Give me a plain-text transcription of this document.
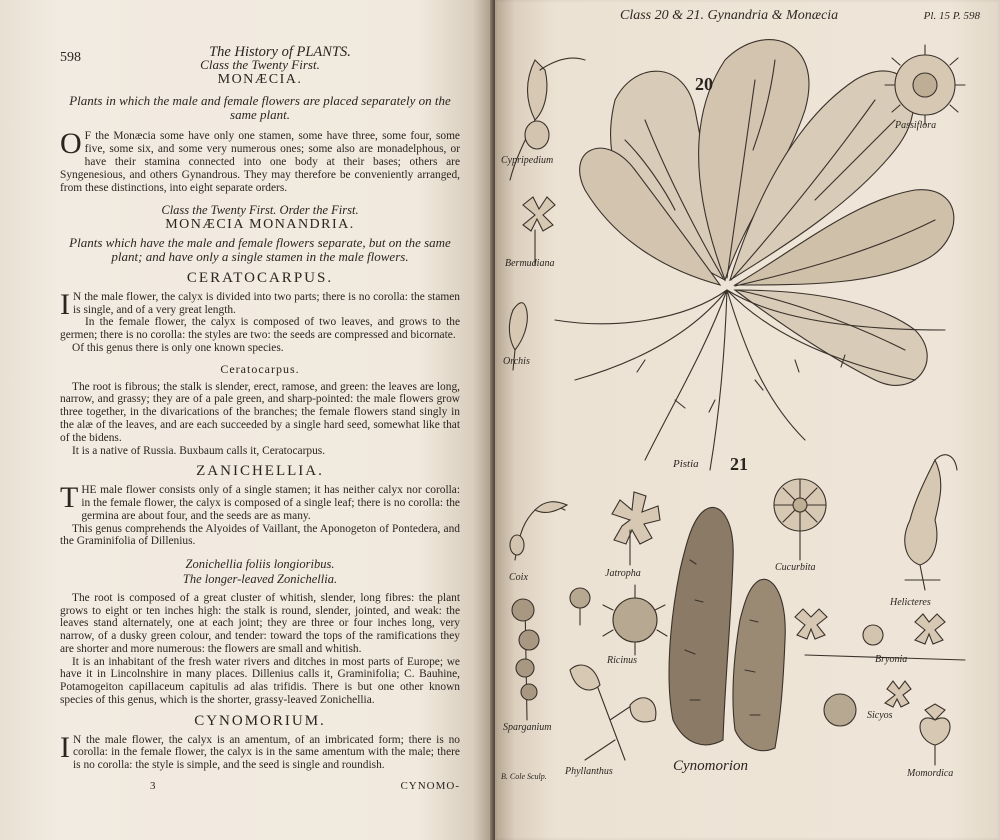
598	The History of PLANTS.
Class the Twenty First.
MONÆCIA.
Plants in which the male and female flowers are placed separately on the same plant.

O F the Monæcia some have only one stamen, some have three, some four, some five, some six, and some very numerous ones; some also are monadelphous, or have their stamina connected into one body at their bases; others are Syngenesious, and others Gynandrous. They may therefore be conveniently arranged, from these distinctions, into eight separate orders.

Class the Twenty First. Order the First.
MONÆCIA MONANDRIA.
Plants which have the male and female flowers separate, but on the same plant; and have only a single stamen in the male flowers.
CERATOCARPUS.

I N the male flower, the calyx is divided into two parts; there is no corolla: the stamen is single, and of a very great length.

In the female flower, the calyx is composed of two leaves, and grows to the germen; there is no corolla: the styles are two: the seeds are compressed and bicornate.

Of this genus there is only one known species.

Ceratocarpus.

The root is fibrous; the stalk is slender, erect, ramose, and green: the leaves are long, narrow, and grassy; they are of a pale green, and sharp-pointed: the male flowers grow three together, in the divarications of the branches; the female flowers stand singly in the alæ of the leaves, and are each succeeded by a single hard seed, somewhat like that of the bidens.

It is a native of Russia. Buxbaum calls it, Ceratocarpus.

ZANICHELLIA.

THE male flower consists only of a single stamen; it has neither calyx nor corolla: in the female flower, the calyx is composed of a single leaf; there is no corolla: the germina are about four, and the seeds are as many.

This genus comprehends the Alyoides of Vaillant, the Aponogeton of Pontedera, and the Graminifolia of Dillenius.

Zonichellia foliis longioribus.
The longer-leaved Zonichellia.

The root is composed of a great cluster of whitish, slender, long fibres: the plant grows to eight or ten inches high: the stalk is round, slender, jointed, and weak: the leaves stand alternately, one at each joint; they are three or four inches long, very narrow, of a dusky green colour, and tender: toward the tops of the ramifications they are shorter and more numerous: the flowers are small and whitish.

It is an inhabitant of the fresh water rivers and ditches in most parts of Europe; we have it in Lincolnshire in many places. Dillenius calls it, Graminifolia; C. Bauhine, Potamogeiton capillaceum capitulis ad alas trifidis. There is but one other known species of this genus, which is the shorter, grassy-leaved Zonichellia.

CYNOMORIUM.

I N the male flower, the calyx is an amentum, of an imbricated form; there is no corolla: in the female flower, the calyx is in the same amentum with the male; there is no corolla: the style is simple, and the seed is single and roundish.

3	CYNOMO-
Class 20 & 21. Gynandria & Monæcia	Pl. 15 P. 598
20
21
Cypripedium
Passiflora
Bermudiana
Orchis
Pistia
Coix	Jatropha
Cucurbita
Helicteres
Ricinus	Bryonia
Sparganium
Sicyos
Phyllanthus	Cynomorion	Momordica
B. Cole Sculp.
